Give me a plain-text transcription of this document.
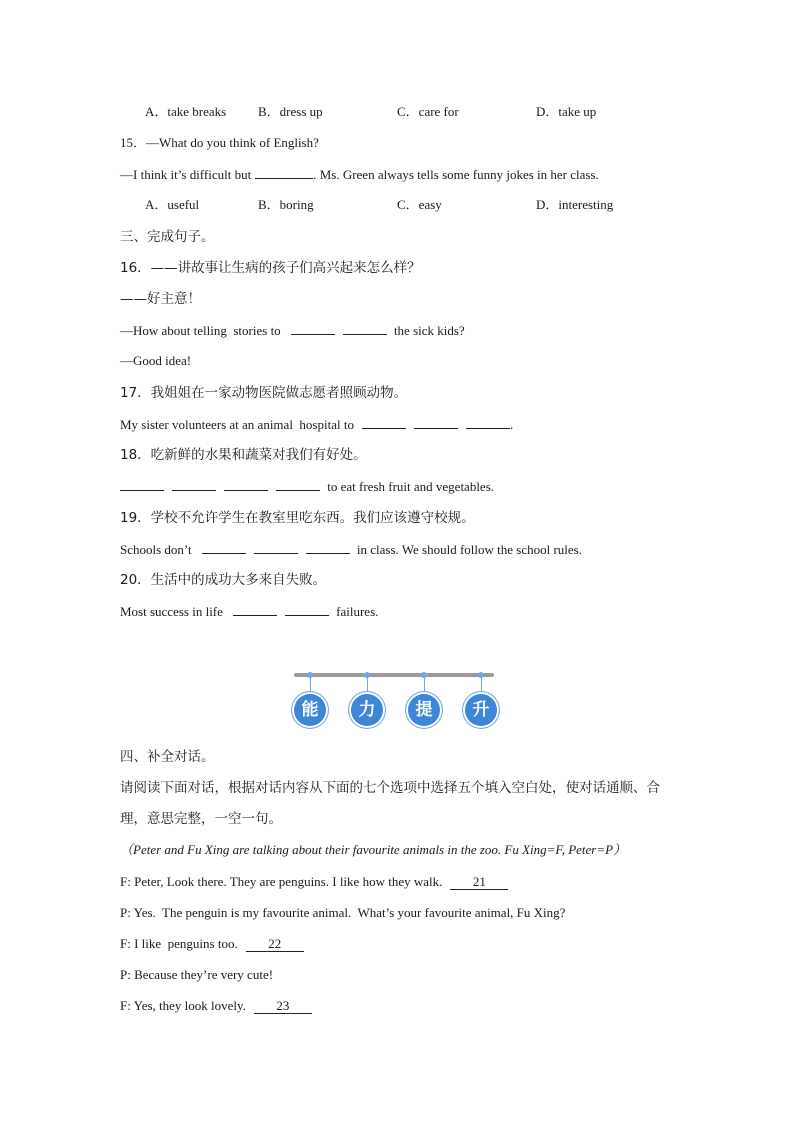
A．take breaks B．dress up	C．care for	D．take up
15．—What do you think of English?
—I think it’s difficult but	. Ms. Green always tells some funny jokes in her class.
A．useful	B．boring	C．easy	D．interesting
三、完成句子。
16．——讲故事让生病的孩子们高兴起来怎么样？
——好主意！
—How about telling  stories to	the sick kids?
—Good idea!
17．我姐姐在一家动物医院做志愿者照顾动物。
My sister volunteers at an animal  hospital to	.
18．吃新鲜的水果和蔬菜对我们有好处。
to eat fresh fruit and vegetables.
19．学校不允许学生在教室里吃东西。我们应该遵守校规。
Schools don’t	in class. We should follow the school rules.
20．生活中的成功大多来自失败。
Most success in life	failures.
能	力	提	升
四、补全对话。
请阅读下面对话，根据对话内容从下面的七个选项中选择五个填入空白处，使对话通顺、合
理，意思完整，一空一句。
（Peter and Fu Xing are talking about their favourite animals in the zoo. Fu Xing=F, Peter=P）
F: Peter, Look there. They are penguins. I like how they walk. 21
P: Yes.  The penguin is my favourite animal.  What’s your favourite animal, Fu Xing?
F: I like  penguins too. 22
P: Because they’re very cute!
F: Yes, they look lovely. 23
